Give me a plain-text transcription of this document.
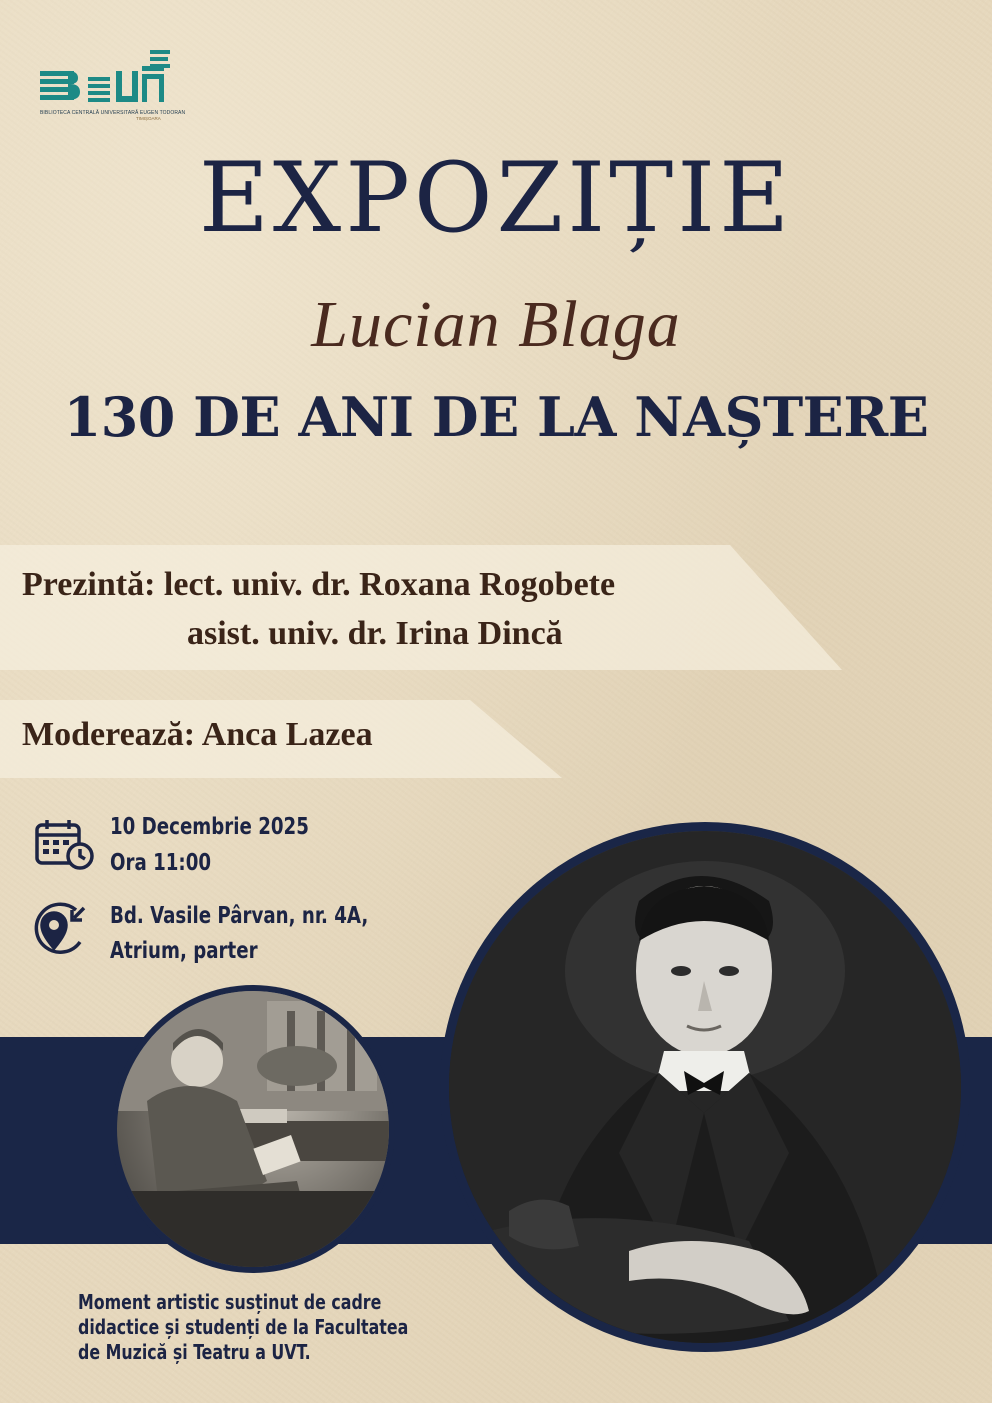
BIBLIOTECA CENTRALĂ UNIVERSITARĂ EUGEN TODORAN
TIMIȘOARA
EXPOZIȚIE
Lucian Blaga
130 DE ANI DE LA NAȘTERE
Prezintă: lect. univ. dr. Roxana Rogobete
asist. univ. dr. Irina Dincă
Moderează: Anca Lazea
10 Decembrie 2025
Ora 11:00
Bd. Vasile Pârvan, nr. 4A,
Atrium, parter
Moment artistic susținut de cadre
didactice și studenți de la Facultatea
de Muzică și Teatru a UVT.
